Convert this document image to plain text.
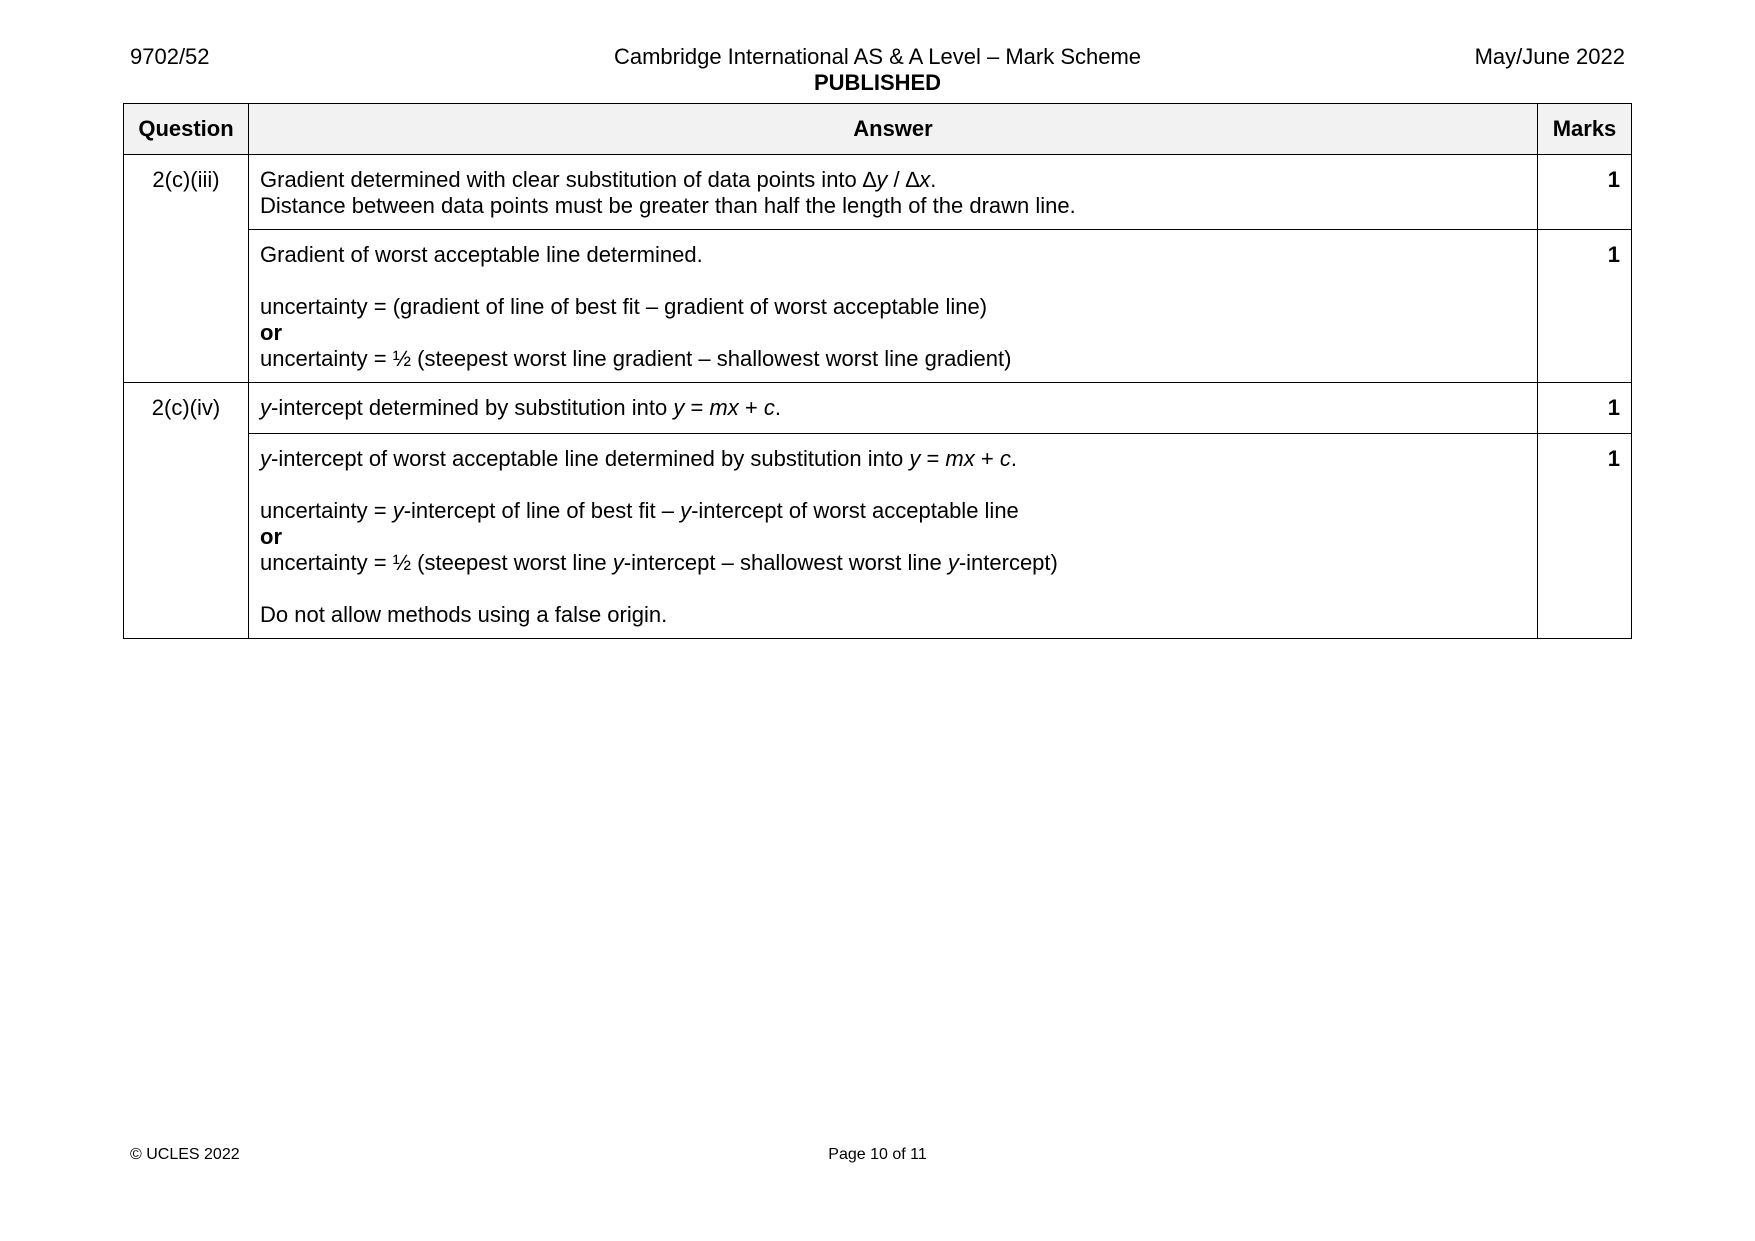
9702/52	Cambridge International AS & A Level – Mark Scheme
PUBLISHED
May/June 2022
Question	Answer	Marks
2(c)(iii)	Gradient determined with clear substitution of data points into ∆y / ∆x.
Distance between data points must be greater than half the length of the drawn line.	1

	Gradient of worst acceptable line determined.
uncertainty = (gradient of line of best fit – gradient of worst acceptable line)
or
uncertainty = ½ (steepest worst line gradient – shallowest worst line gradient)	1
2(c)(iv)	y-intercept determined by substitution into y = mx + c.	1

	y-intercept of worst acceptable line determined by substitution into y = mx + c.
uncertainty = y-intercept of line of best fit – y-intercept of worst acceptable line
or
uncertainty = ½ (steepest worst line y-intercept – shallowest worst line y-intercept)
Do not allow methods using a false origin.	1
© UCLES 2022	Page 10 of 11
